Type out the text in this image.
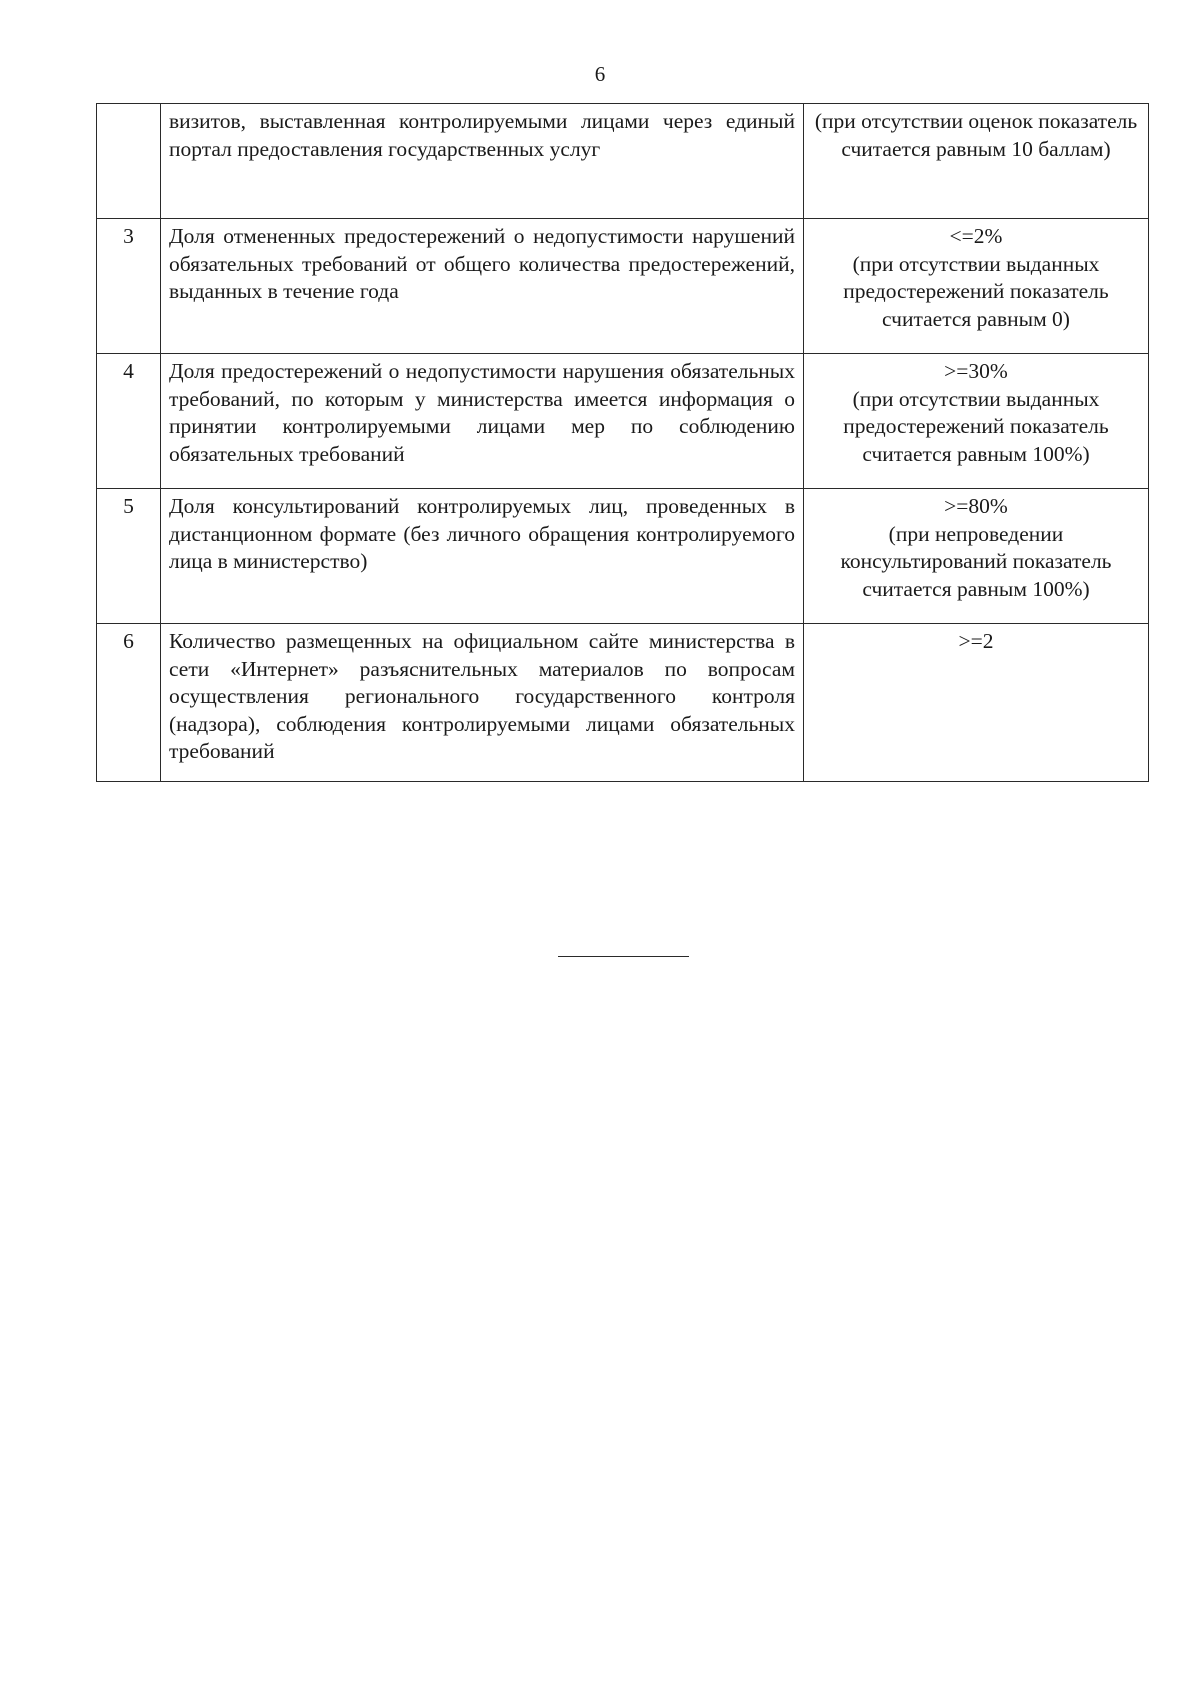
6
	визитов, выставленная контролируемыми лицами через единый портал предоставления государственных услуг	(при отсутствии оценок показатель считается равным 10 баллам)

3	Доля отмененных предостережений о недопустимости нарушений обязательных требований от общего количества предостережений, выданных в течение года	<=2%
(при отсутствии выданных предостережений показатель считается равным 0)

4	Доля предостережений о недопустимости нарушения обязательных требований, по которым у министерства имеется информация о принятии контролируемыми лицами мер по соблюдению обязательных требований	>=30%
(при отсутствии выданных предостережений показатель считается равным 100%)

5	Доля консультирований контролируемых лиц, проведенных в дистанционном формате (без личного обращения контролируемого лица в министерство)	>=80%
(при непроведении консультирований показатель считается равным 100%)

6	Количество размещенных на официальном сайте министерства в сети «Интернет» разъяснительных материалов по вопросам осуществления регионального государственного контроля (надзора), соблюдения контролируемыми лицами обязательных требований	>=2
